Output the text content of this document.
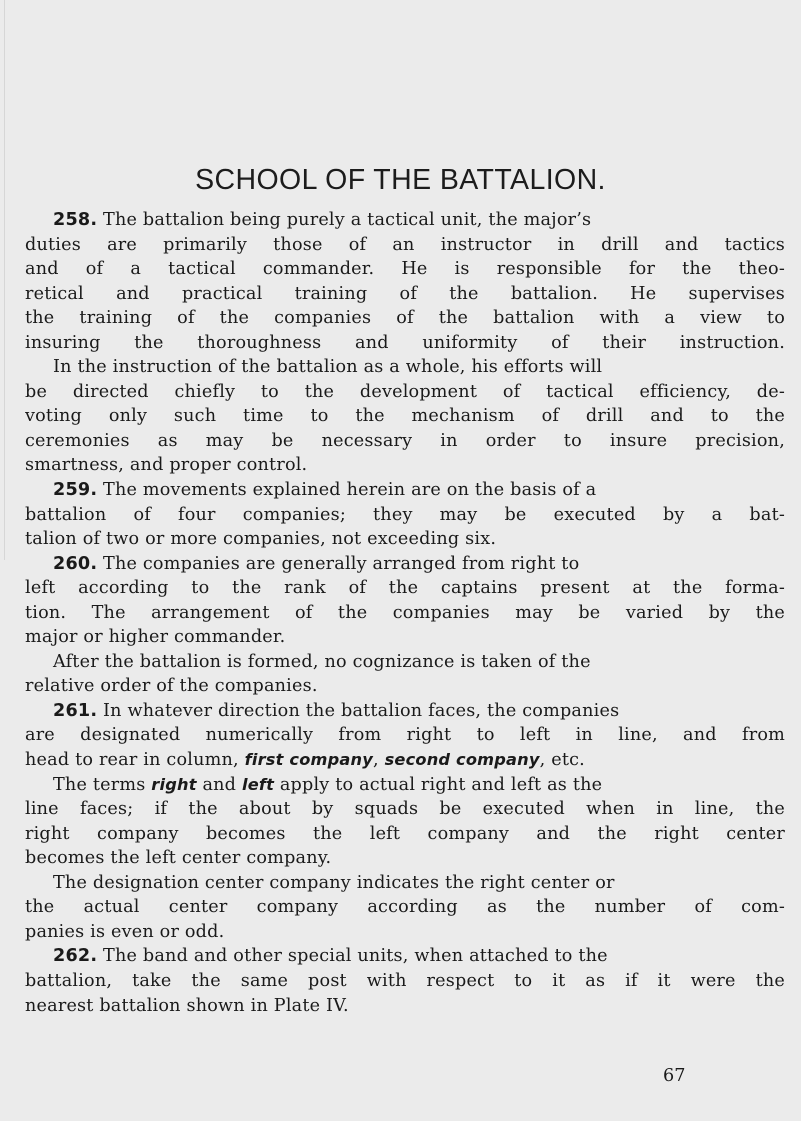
SCHOOL OF THE BATTALION.
258. The battalion being purely a tactical unit, the major’s
duties are primarily those of an instructor in drill and tactics
and of a tactical commander. He is responsible for the theo-
retical and practical training of the battalion. He supervises
the training of the companies of the battalion with a view to
insuring the thoroughness and uniformity of their instruction.
In the instruction of the battalion as a whole, his efforts will
be directed chiefly to the development of tactical efficiency, de-
voting only such time to the mechanism of drill and to the
ceremonies as may be necessary in order to insure precision,
smartness, and proper control.
259. The movements explained herein are on the basis of a
battalion of four companies; they may be executed by a bat-
talion of two or more companies, not exceeding six.
260. The companies are generally arranged from right to
left according to the rank of the captains present at the forma-
tion. The arrangement of the companies may be varied by the
major or higher commander.
After the battalion is formed, no cognizance is taken of the
relative order of the companies.
261. In whatever direction the battalion faces, the companies
are designated numerically from right to left in line, and from
head to rear in column, first company, second company, etc.
The terms right and left apply to actual right and left as the
line faces; if the about by squads be executed when in line, the
right company becomes the left company and the right center
becomes the left center company.
The designation center company indicates the right center or
the actual center company according as the number of com-
panies is even or odd.
262. The band and other special units, when attached to the
battalion, take the same post with respect to it as if it were the
nearest battalion shown in Plate IV.
67
